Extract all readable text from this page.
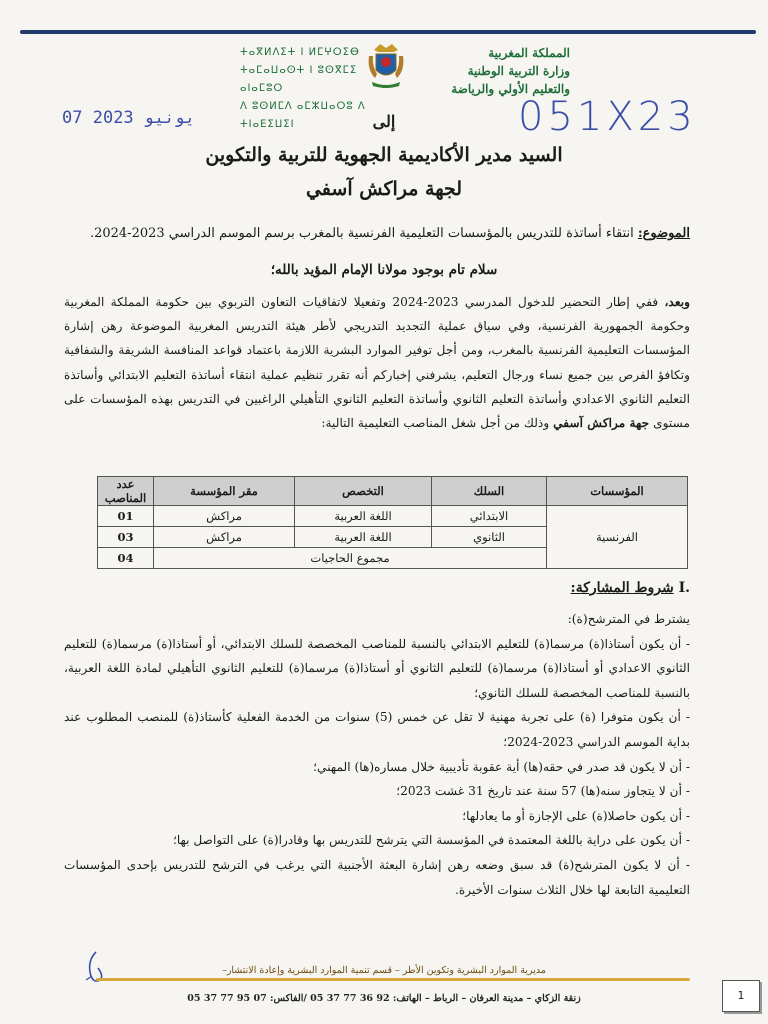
المملكة المغربية
وزارة التربية الوطنية
والتعليم الأولي والرياضة
ⵜⴰⴳⵍⴷⵉⵜ ⵏ ⵍⵎⵖⵔⵉⴱ
ⵜⴰⵎⴰⵡⴰⵙⵜ ⵏ ⵓⵙⴳⵎⵉ ⴰⵏⴰⵎⵓⵔ
ⴷ ⵓⵙⵍⵎⴷ ⴰⵎⵣⵡⴰⵔⵓ ⴷ ⵜⵏⴰⴹⵉⵡⵉⵏ
07 يونيو 2023	051X23
إلى
السيد مدير الأكاديمية الجهوية للتربية والتكوين
لجهة مراكش آسفي
الموضوع: انتقاء أساتذة للتدريس بالمؤسسات التعليمية الفرنسية بالمغرب برسم الموسم الدراسي 2023-2024.
سلام تام بوجود مولانا الإمام المؤيد بالله؛
وبعد، ففي إطار التحضير للدخول المدرسي 2023-2024 وتفعيلا لاتفاقيات التعاون التربوي بين حكومة المملكة المغربية وحكومة الجمهورية الفرنسية، وفي سياق عملية التجديد التدريجي لأطر هيئة التدريس المغربية الموضوعة رهن إشارة المؤسسات التعليمية الفرنسية بالمغرب، ومن أجل توفير الموارد البشرية اللازمة باعتماد قواعد المنافسة الشريفة والشفافية وتكافؤ الفرص بين جميع نساء ورجال التعليم، يشرفني إخباركم أنه تقرر تنظيم عملية انتقاء أساتذة التعليم الابتدائي وأساتذة التعليم الثانوي الاعدادي وأساتذة التعليم الثانوي وأساتذة التعليم الثانوي التأهيلي الراغبين في التدريس بهذه المؤسسات على مستوى جهة مراكش آسفي وذلك من أجل شغل المناصب التعليمية التالية:
المؤسسات	السلك	التخصص	مقر المؤسسة	عدد المناصب
الفرنسية	الابتدائي	اللغة العربية	مراكش	01
	الثانوي	اللغة العربية	مراكش	03
	مجموع الحاجيات			04
.I شروط المشاركة:

يشترط في المترشح(ة):

- أن يكون أستاذا(ة) مرسما(ة) للتعليم الابتدائي بالنسبة للمناصب المخصصة للسلك الابتدائي، أو أستاذا(ة) مرسما(ة) للتعليم الثانوي الاعدادي أو أستاذا(ة) مرسما(ة) للتعليم الثانوي أو أستاذا(ة) مرسما(ة) للتعليم الثانوي التأهيلي لمادة اللغة العربية، بالنسبة للمناصب المخصصة للسلك الثانوي؛

- أن يكون متوفرا (ة) على تجربة مهنية لا تقل عن خمس (5) سنوات من الخدمة الفعلية كأستاذ(ة) للمنصب المطلوب عند بداية الموسم الدراسي 2023-2024؛

- أن لا يكون قد صدر في حقه(ها) أية عقوبة تأديبية خلال مساره(ها) المهني؛

- أن لا يتجاوز سنه(ها) 57 سنة عند تاريخ 31 غشت 2023؛

- أن يكون حاصلا(ة) على الإجازة أو ما يعادلها؛

- أن يكون على دراية باللغة المعتمدة في المؤسسة التي يترشح للتدريس بها وقادرا(ة) على التواصل بها؛

- أن لا يكون المترشح(ة) قد سبق وضعه رهن إشارة البعثة الأجنبية التي يرغب في الترشح للتدريس بإحدى المؤسسات التعليمية التابعة لها خلال الثلاث سنوات الأخيرة.

مديرية الموارد البشرية وتكوين الأطر – قسم تنمية الموارد البشرية وإعادة الانتشار–
زنقة الزكاي – مدينة العرفان – الرباط – الهاتف: 92 36 77 37 05 /الفاكس: 07 95 77 37 05	1
